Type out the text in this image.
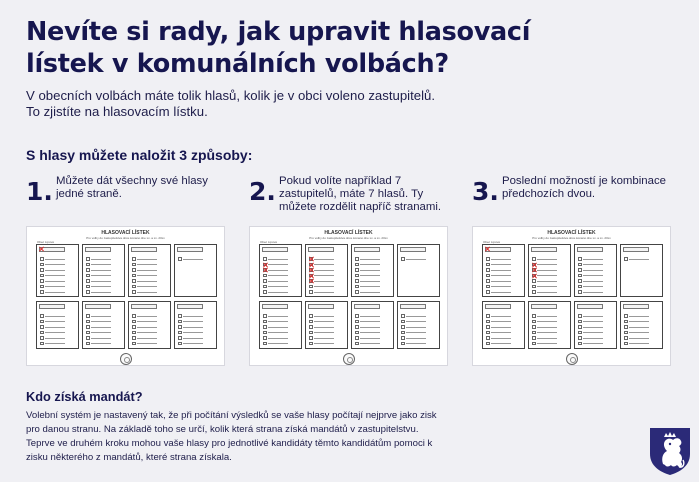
Nevíte si rady, jak upravit hlasovací
lístek v komunálních volbách?
V obecních volbách máte tolik hlasů, kolik je v obci voleno zastupitelů.
To zjistíte na hlasovacím lístku.
S hlasy můžete naložit 3 způsoby:
1. Můžete dát všechny své hlasy jedné straně.	2. Pokud volíte například 7 zastupitelů, máte 7 hlasů. Ty můžete rozdělit napříč stranami.
3. Poslední možností je kombinace předchozích dvou.
HLASOVACÍ LÍSTEK
Pro volby do zastupitelstva obce konané dne xx. a xx. 20xx
Obec Lipová
HLASOVACÍ LÍSTEK
Pro volby do zastupitelstva obce konané dne xx. a xx. 20xx
Obec Lipová
HLASOVACÍ LÍSTEK
Pro volby do zastupitelstva obce konané dne xx. a xx. 20xx
Obec Lipová
Kdo získá mandát?
Volební systém je nastavený tak, že při počítání výsledků se vaše hlasy počítají nejprve jako zisk pro danou stranu. Na základě toho se určí, kolik která strana získá mandátů v zastupitelstvu. Teprve ve druhém kroku mohou vaše hlasy pro jednotlivé kandidáty těmto kandidátům pomoci k zisku některého z mandátů, které strana získala.
